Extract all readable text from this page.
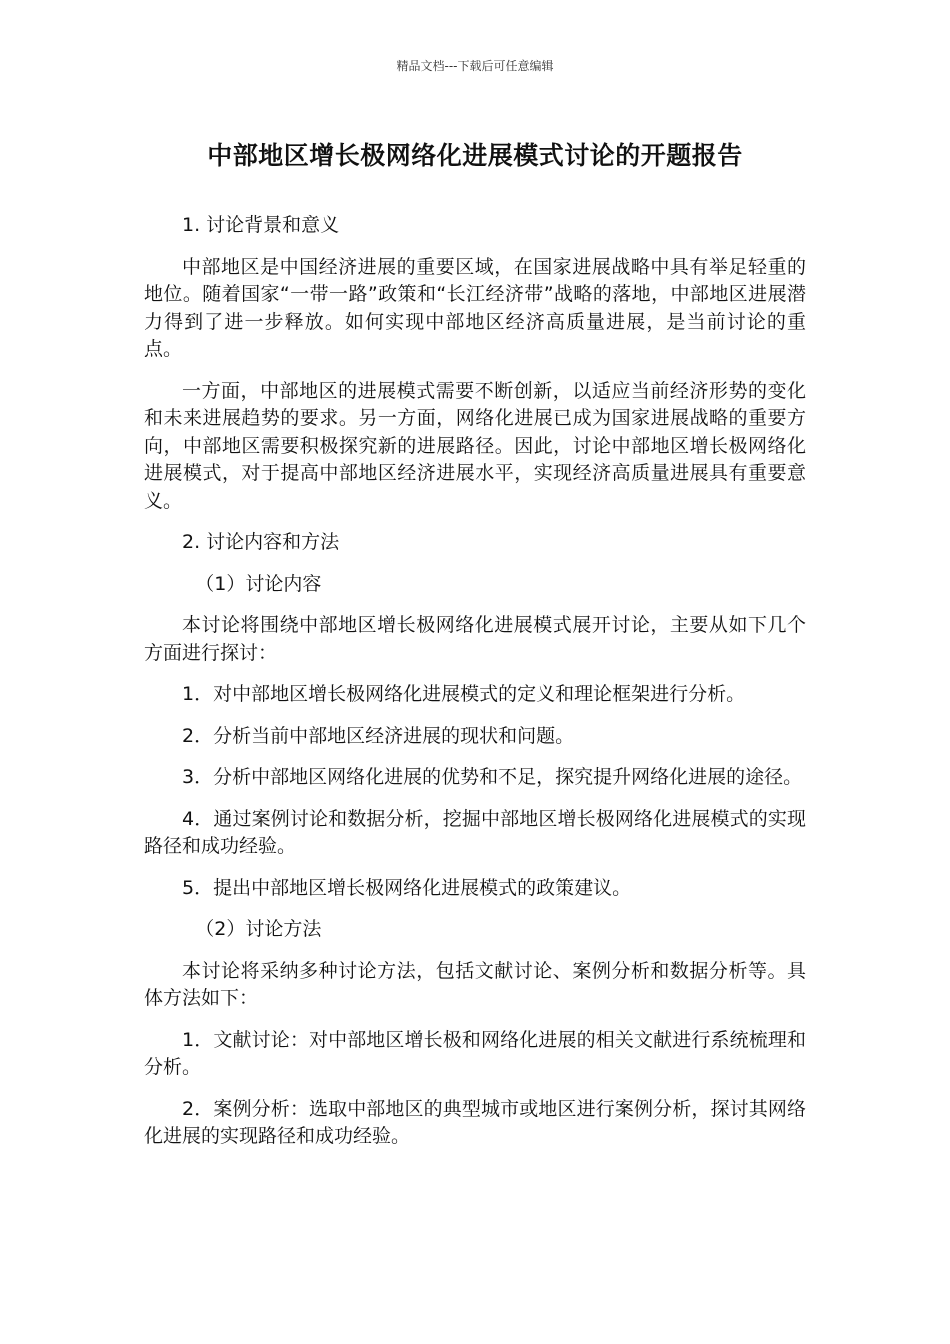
精品文档---下载后可任意编辑
中部地区增长极网络化进展模式讨论的开题报告

1. 讨论背景和意义

中部地区是中国经济进展的重要区域，在国家进展战略中具有举足轻重的地位。随着国家“一带一路”政策和“长江经济带”战略的落地，中部地区进展潜力得到了进一步释放。如何实现中部地区经济高质量进展，是当前讨论的重点。

一方面，中部地区的进展模式需要不断创新，以适应当前经济形势的变化和未来进展趋势的要求。另一方面，网络化进展已成为国家进展战略的重要方向，中部地区需要积极探究新的进展路径。因此，讨论中部地区增长极网络化进展模式，对于提高中部地区经济进展水平，实现经济高质量进展具有重要意义。

2. 讨论内容和方法

（1）讨论内容

本讨论将围绕中部地区增长极网络化进展模式展开讨论，主要从如下几个方面进行探讨：

1．对中部地区增长极网络化进展模式的定义和理论框架进行分析。

2．分析当前中部地区经济进展的现状和问题。

3．分析中部地区网络化进展的优势和不足，探究提升网络化进展的途径。

4．通过案例讨论和数据分析，挖掘中部地区增长极网络化进展模式的实现路径和成功经验。

5．提出中部地区增长极网络化进展模式的政策建议。

（2）讨论方法

本讨论将采纳多种讨论方法，包括文献讨论、案例分析和数据分析等。具体方法如下：

1．文献讨论：对中部地区增长极和网络化进展的相关文献进行系统梳理和分析。

2．案例分析：选取中部地区的典型城市或地区进行案例分析，探讨其网络化进展的实现路径和成功经验。
